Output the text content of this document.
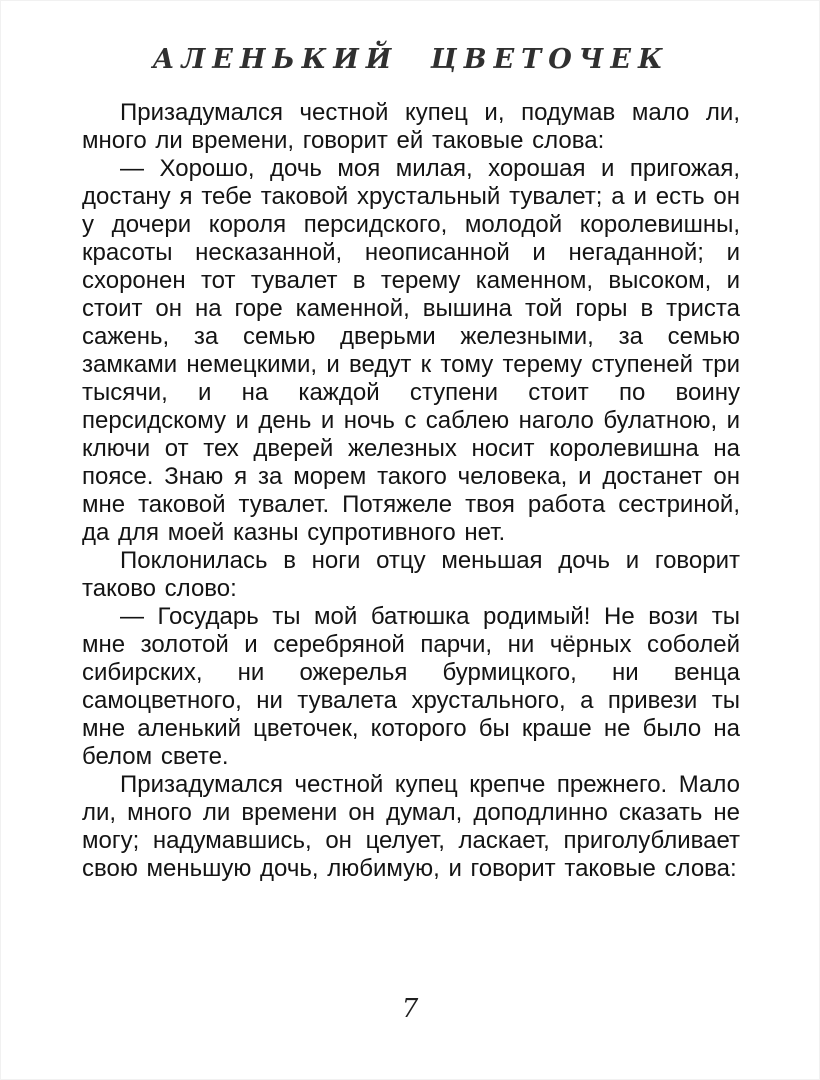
АЛЕНЬКИЙ ЦВЕТОЧЕК

Призадумался честной купец и, подумав мало ли, много ли времени, говорит ей таковые слова:

— Хорошо, дочь моя милая, хорошая и пригожая, достану я тебе таковой хрустальный тувалет; а и есть он у дочери короля персидского, молодой королевишны, красоты несказанной, неописанной и негаданной; и схоронен тот тувалет в терему каменном, высоком, и стоит он на горе каменной, вышина той горы в триста сажень, за семью дверьми железными, за семью замками немецкими, и ведут к тому терему ступеней три тысячи, и на каждой ступени стоит по воину персидскому и день и ночь с саблею наголо булатною, и ключи от тех дверей железных носит королевишна на поясе. Знаю я за морем такого человека, и достанет он мне таковой тувалет. Потяжеле твоя работа сестриной, да для моей казны супротивного нет.

Поклонилась в ноги отцу меньшая дочь и говорит таково слово:

— Государь ты мой батюшка родимый! Не вози ты мне золотой и серебряной парчи, ни чёрных соболей сибирских, ни ожерелья бурмицкого, ни венца самоцветного, ни тувалета хрустального, а привези ты мне аленький цветочек, которого бы краше не было на белом свете.

Призадумался честной купец крепче прежнего. Мало ли, много ли времени он думал, доподлинно сказать не могу; надумавшись, он целует, ласкает, приголубливает свою меньшую дочь, любимую, и говорит таковые слова:

7
